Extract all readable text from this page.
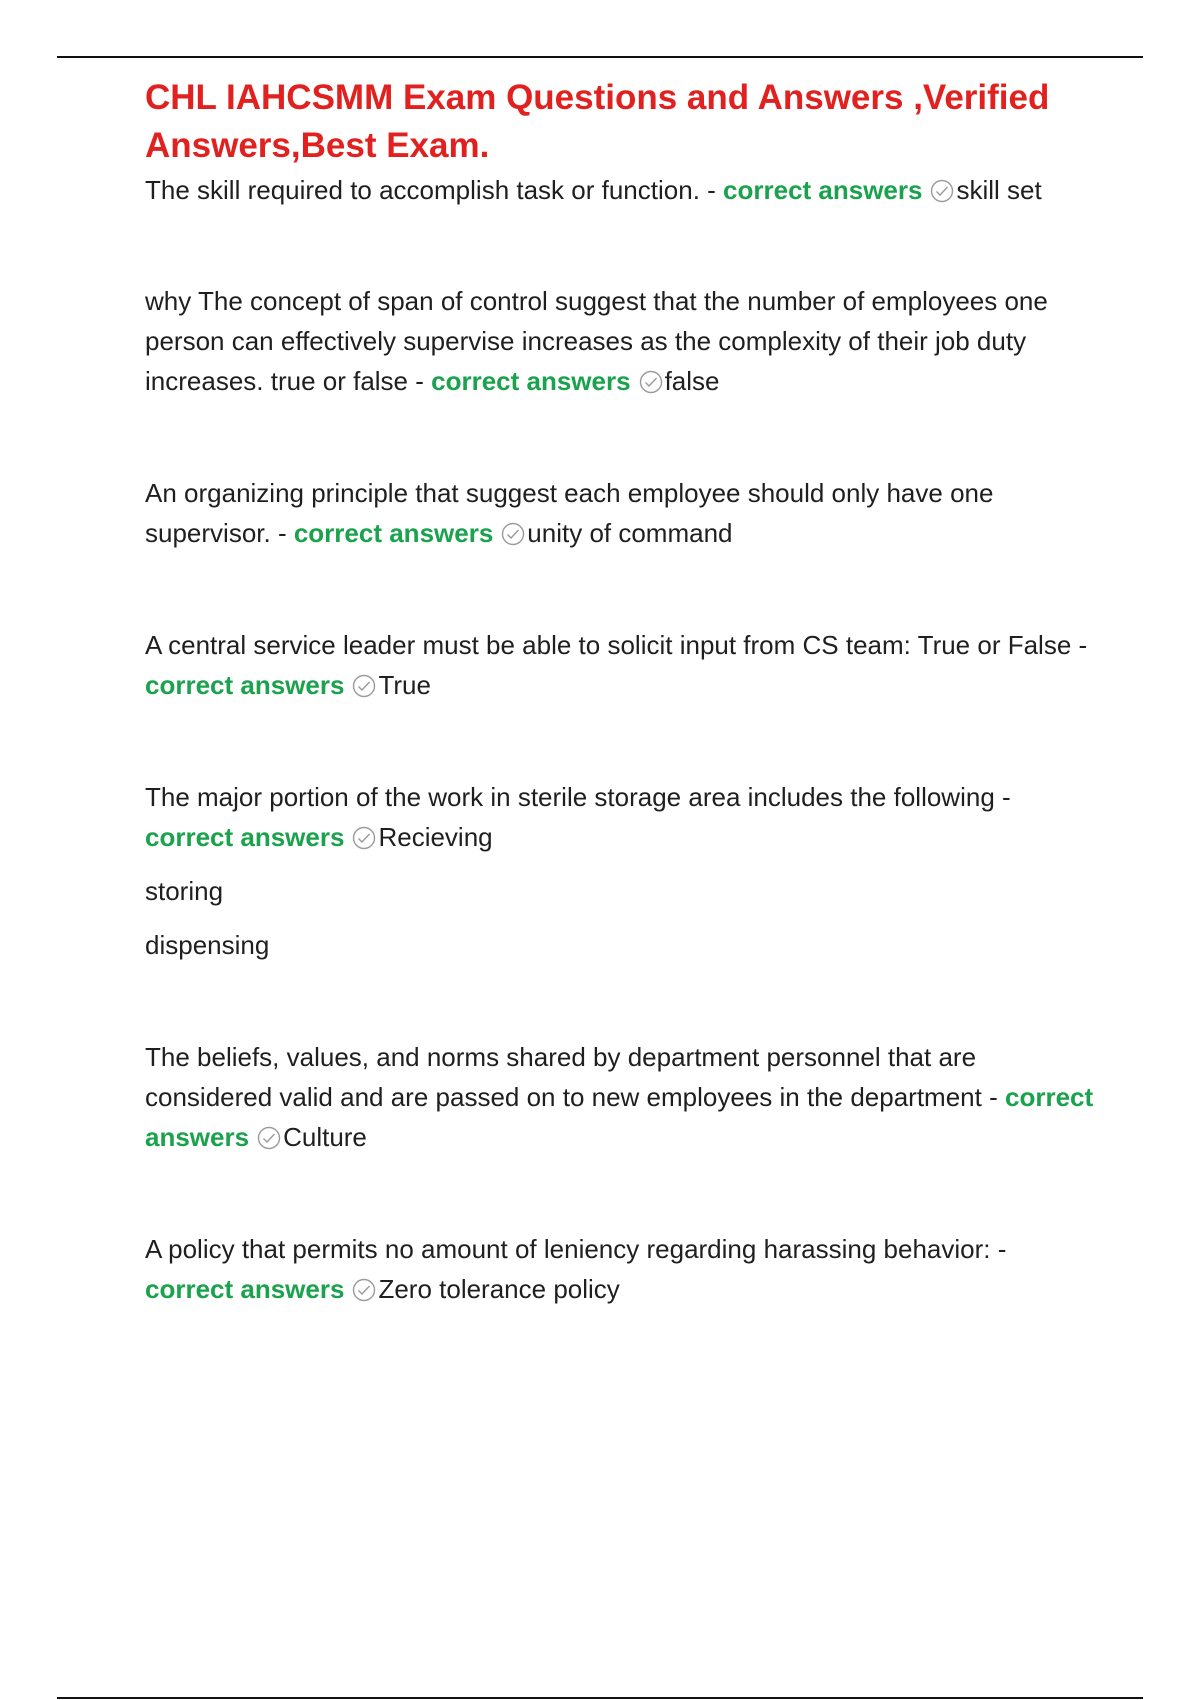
CHL IAHCSMM Exam Questions and Answers ,Verified Answers,Best Exam.

The skill required to accomplish task or function. - correct answers skill set

why The concept of span of control suggest that the number of employees one person can effectively supervise increases as the complexity of their job duty increases. true or false - correct answers false

An organizing principle that suggest each employee should only have one supervisor. - correct answers unity of command

A central service leader must be able to solicit input from CS team: True or False - correct answers True

The major portion of the work in sterile storage area includes the following - correct answers Recieving

storing

dispensing

The beliefs, values, and norms shared by department personnel that are considered valid and are passed on to new employees in the department - correct answers Culture

A policy that permits no amount of leniency regarding harassing behavior: - correct answers Zero tolerance policy
